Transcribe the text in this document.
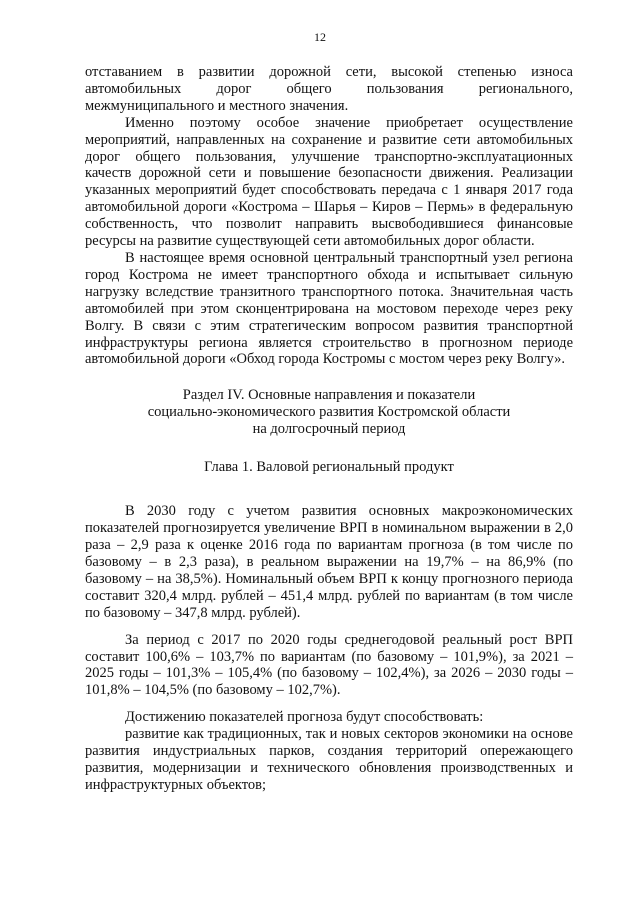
12

отставанием в развитии дорожной сети, высокой степенью износа автомобильных дорог общего пользования регионального, межмуниципального и местного значения.

Именно поэтому особое значение приобретает осуществление мероприятий, направленных на сохранение и развитие сети автомобильных дорог общего пользования, улучшение транспортно-эксплуатационных качеств дорожной сети и повышение безопасности движения. Реализации указанных мероприятий будет способствовать передача с 1 января 2017 года автомобильной дороги «Кострома – Шарья – Киров – Пермь» в федеральную собственность, что позволит направить высвободившиеся финансовые ресурсы на развитие существующей сети автомобильных дорог области.

В настоящее время основной центральный транспортный узел региона город Кострома не имеет транспортного обхода и испытывает сильную нагрузку вследствие транзитного транспортного потока. Значительная часть автомобилей при этом сконцентрирована на мостовом переходе через реку Волгу. В связи с этим стратегическим вопросом развития транспортной инфраструктуры региона является строительство в прогнозном периоде автомобильной дороги «Обход города Костромы с мостом через реку Волгу».

Раздел IV. Основные направления и показатели
социально-экономического развития Костромской области
на долгосрочный период
Глава 1. Валовой региональный продукт

В 2030 году с учетом развития основных макроэкономических показателей прогнозируется увеличение ВРП в номинальном выражении в 2,0 раза – 2,9 раза к оценке 2016 года по вариантам прогноза (в том числе по базовому – в 2,3 раза), в реальном выражении на 19,7% – на 86,9% (по базовому – на 38,5%). Номинальный объем ВРП к концу прогнозного периода составит 320,4 млрд. рублей – 451,4 млрд. рублей по вариантам (в том числе по базовому – 347,8 млрд. рублей).

За период с 2017 по 2020 годы среднегодовой реальный рост ВРП составит 100,6% – 103,7% по вариантам (по базовому – 101,9%), за 2021 – 2025 годы – 101,3% – 105,4% (по базовому – 102,4%), за 2026 – 2030 годы – 101,8% – 104,5% (по базовому – 102,7%).

Достижению показателей прогноза будут способствовать:

развитие как традиционных, так и новых секторов экономики на основе развития индустриальных парков, создания территорий опережающего развития, модернизации и технического обновления производственных и инфраструктурных объектов;
